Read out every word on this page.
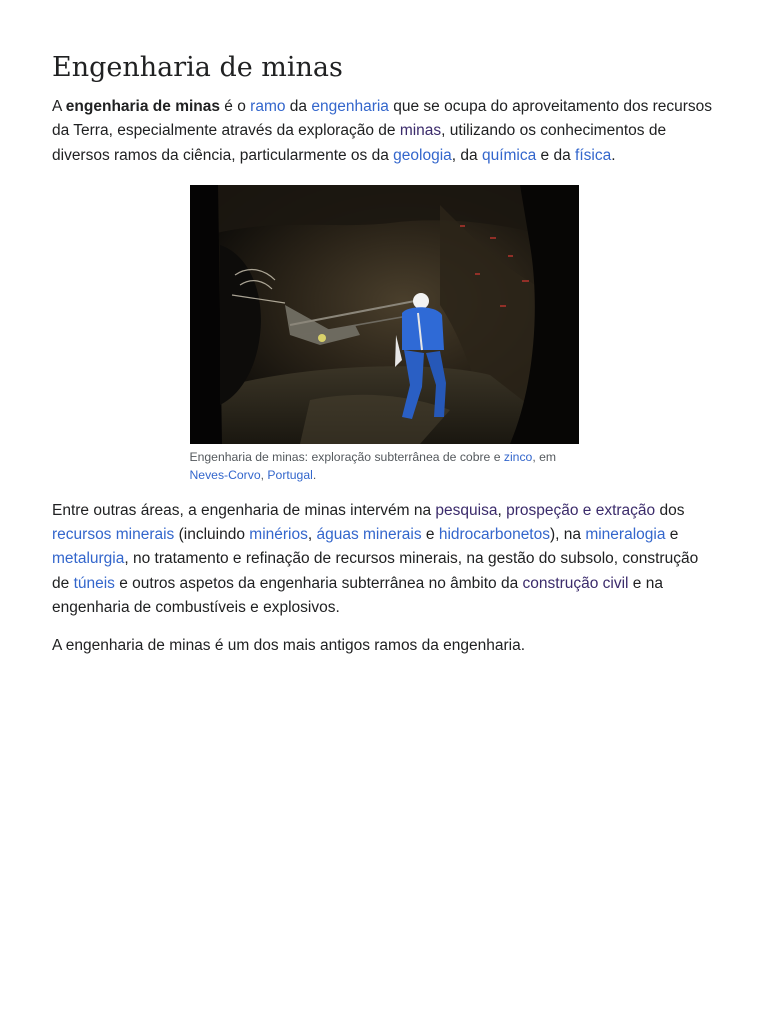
Engenharia de minas

A engenharia de minas é o ramo da engenharia que se ocupa do aproveitamento dos recursos da Terra, especialmente através da exploração de minas, utilizando os conhecimentos de diversos ramos da ciência, particularmente os da geologia, da química e da física.

Engenharia de minas: exploração subterrânea de cobre e zinco, em
Neves-Corvo, Portugal.

Entre outras áreas, a engenharia de minas intervém na pesquisa, prospeção e extração dos recursos minerais (incluindo minérios, águas minerais e hidrocarbonetos), na mineralogia e metalurgia, no tratamento e refinação de recursos minerais, na gestão do subsolo, construção de túneis e outros aspetos da engenharia subterrânea no âmbito da construção civil e na engenharia de combustíveis e explosivos.

A engenharia de minas é um dos mais antigos ramos da engenharia.
